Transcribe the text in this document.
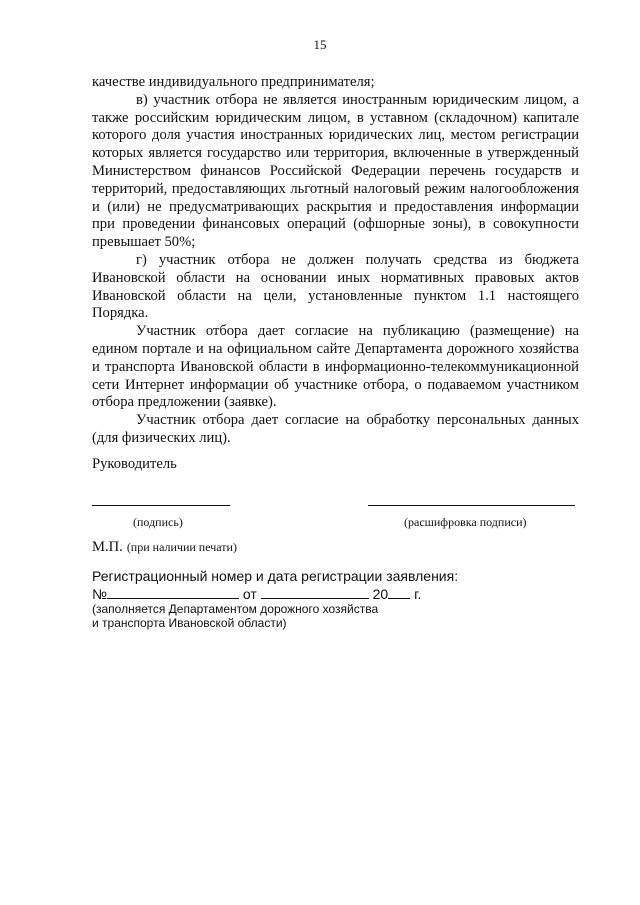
15

качестве индивидуального предпринимателя;

в) участник отбора не является иностранным юридическим лицом, а также российским юридическим лицом, в уставном (складочном) капитале которого доля участия иностранных юридических лиц, местом регистрации которых является государство или территория, включенные в утвержденный Министерством финансов Российской Федерации перечень государств и территорий, предоставляющих льготный налоговый режим налогообложения и (или) не предусматривающих раскрытия и предоставления информации при проведении финансовых операций (офшорные зоны), в совокупности превышает 50%;

г) участник отбора не должен получать средства из бюджета Ивановской области на основании иных нормативных правовых актов Ивановской области на цели, установленные пунктом 1.1 настоящего Порядка.

Участник отбора дает согласие на публикацию (размещение) на едином портале и на официальном сайте Департамента дорожного хозяйства и транспорта Ивановской области в информационно-телекоммуникационной сети Интернет информации об участнике отбора, о подаваемом участником отбора предложении (заявке).

Участник отбора дает согласие на обработку персональных данных (для физических лиц).

Руководитель
(подпись)	(расшифровка подписи)
М.П. (при наличии печати)
Регистрационный номер и дата регистрации заявления:
№	от	20 г.
(заполняется Департаментом дорожного хозяйства
и транспорта Ивановской области)
